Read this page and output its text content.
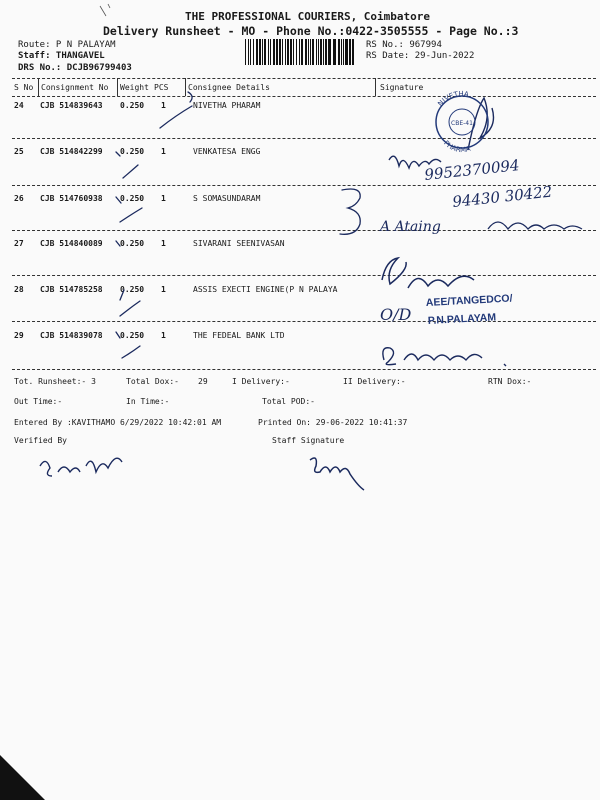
THE PROFESSIONAL COURIERS, Coimbatore
Delivery Runsheet - MO - Phone No.:0422-3505555 - Page No.:3
Route: P N PALAYAM
Staff: THANGAVEL
DRS No.: DCJB96799403
RS No.: 967994
RS Date: 29-Jun-2022
S No Consignment No Weight PCS Consignee Details	Signature
24 CJB 514839643 0.250 1	NIVETHA PHARAM
25 CJB 514842299 0.250 1	VENKATESA ENGG
26 CJB 514760938 0.250 1	S SOMASUNDARAM
27 CJB 514840089 0.250 1	SIVARANI SEENIVASAN
28 CJB 514785258 0.250 1	ASSIS EXECTI ENGINE(P N PALAYA
29 CJB 514839078 0.250 1	THE FEDEAL BANK LTD
Tot. Runsheet:- 3	Total Dox:- 29	I Delivery:-	II Delivery:-	RTN Dox:-
Out Time:-	In Time:-	Total POD:-
Entered By :KAVITHAMO 6/29/2022 10:42:01 AM	Printed On: 29-06-2022 10:41:37
Verified By	Staff Signature
NIVETHA
CBE-41
PHARMA
9952370094
94430 30422
A Ataing
O/D
AEE/TANGEDCO/
P.N.PALAYAM
